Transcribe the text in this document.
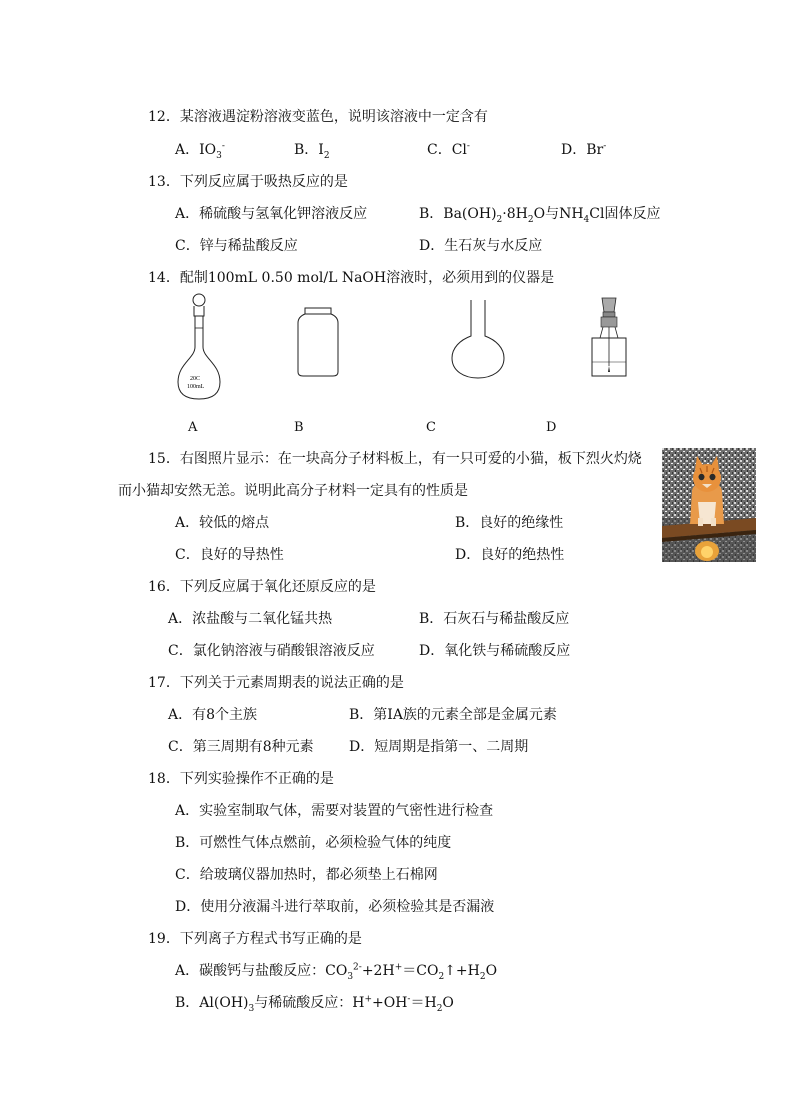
12．某溶液遇淀粉溶液变蓝色，说明该溶液中一定含有
A．$IO_3^-$	B．$I_2$	C．Cl-	D．Br-
13．下列反应属于吸热反应的是
A．稀硫酸与氢氧化钾溶液反应	B．$Ba(OH)_2\cdot 8H_2O$与$NH_4Cl$固体反应
C．锌与稀盐酸反应	D．生石灰与水反应
14．配制100mL 0.50 mol/L NaOH溶液时，必须用到的仪器是
20C
100mL
A	B	C	D
15．右图照片显示：在一块高分子材料板上，有一只可爱的小猫，板下烈火灼烧
而小猫却安然无恙。说明此高分子材料一定具有的性质是
A．较低的熔点	B．良好的绝缘性
C．良好的导热性	D．良好的绝热性
16．下列反应属于氧化还原反应的是
A．浓盐酸与二氧化锰共热	B．石灰石与稀盐酸反应
C．氯化钠溶液与硝酸银溶液反应	D．氧化铁与稀硫酸反应
17．下列关于元素周期表的说法正确的是
A．有8个主族	B．第IA族的元素全部是金属元素
C．第三周期有8种元素	D．短周期是指第一、二周期
18．下列实验操作不正确的是
A．实验室制取气体，需要对装置的气密性进行检查
B．可燃性气体点燃前，必须检验气体的纯度
C．给玻璃仪器加热时，都必须垫上石棉网
D．使用分液漏斗进行萃取前，必须检验其是否漏液
19．下列离子方程式书写正确的是
A．碳酸钙与盐酸反应：$CO_3^{2-}+2H^+=CO_2↑+H_2O$
B．$Al(OH)_3$与稀硫酸反应：$H^++OH^-=H_2O$
